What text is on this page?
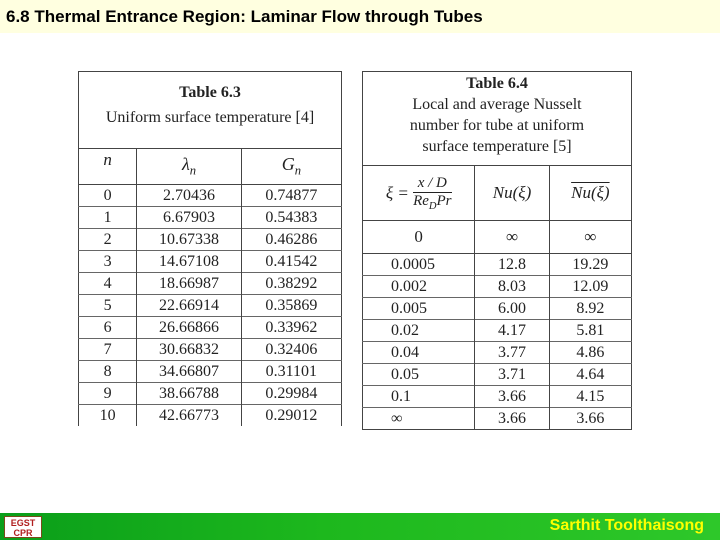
6.8 Thermal Entrance Region: Laminar Flow through Tubes
Table 6.3
Uniform surface temperature [4]		

n	$\lambda_n$	$G_n$
0	2.70436	0.74877
1	6.67903	0.54383
2	10.67338	0.46286
3	14.67108	0.41542
4	18.66987	0.38292
5	22.66914	0.35869
6	26.66866	0.33962
7	30.66832	0.32406
8	34.66807	0.31101
9	38.66788	0.29984
10	42.66773	0.29012
Table 6.4
Local and average Nusselt
number for tube at uniform
surface temperature [5]		

$\xi = \frac{x / D}{Re_DPr}$	Nu(ξ)	Nu(ξ)
0	∞	∞
0.0005	12.8	19.29
0.002	8.03	12.09
0.005	6.00	8.92
0.02	4.17	5.81
0.04	3.77	4.86
0.05	3.71	4.64
0.1	3.66	4.15
∞	3.66	3.66
EGST
CPR	Sarthit Toolthaisong
